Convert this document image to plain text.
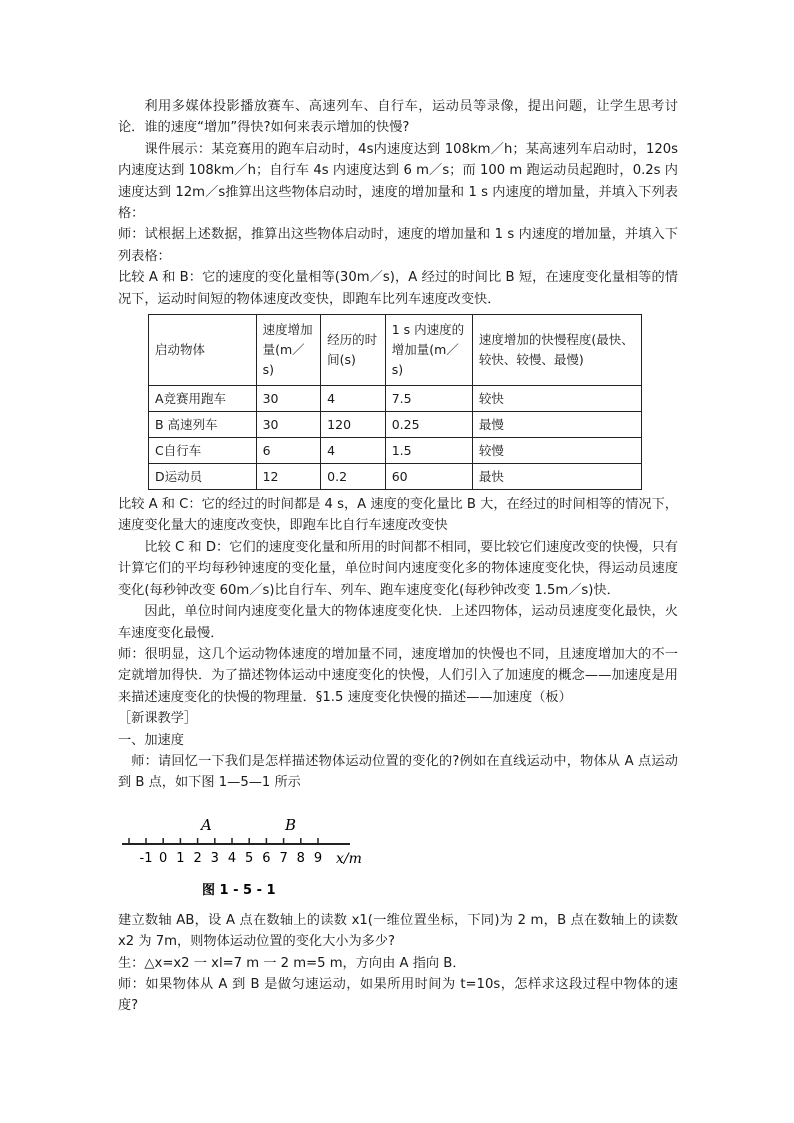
利用多媒体投影播放赛车、高速列车、自行车，运动员等录像，提出问题，让学生思考讨论．谁的速度“增加”得快?如何来表示增加的快慢?

课件展示：某竞赛用的跑车启动时，4s内速度达到 108km／h；某高速列车启动时，120s内速度达到 108km／h；自行车 4s 内速度达到 6 m／s；而 100 m 跑运动员起跑时，0.2s 内速度达到 12m／s推算出这些物体启动时，速度的增加量和 1 s 内速度的增加量，并填入下列表格：

师：试根据上述数据，推算出这些物体启动时，速度的增加量和 1 s 内速度的增加量，并填入下列表格：

比较 A 和 B：它的速度的变化量相等(30m／s)，A 经过的时间比 B 短，在速度变化量相等的情况下，运动时间短的物体速度改变快，即跑车比列车速度改变快．

启动物体	速度增加量(m／s)	经历的时间(s)	1 s 内速度的增加量(m／s)	速度增加的快慢程度(最快、较快、较慢、最慢)
A竞赛用跑车	30	4	7.5	较快
B 高速列车	30	120	0.25	最慢
C自行车	6	4	1.5	较慢
D运动员	12	0.2	60	最快

比较 A 和 C：它的经过的时间都是 4 s，A 速度的变化量比 B 大，在经过的时间相等的情况下，速度变化量大的速度改变快，即跑车比自行车速度改变快

比较 C 和 D：它们的速度变化量和所用的时间都不相同，要比较它们速度改变的快慢，只有计算它们的平均每秒钟速度的变化量，单位时间内速度变化多的物体速度变化快，得运动员速度变化(每秒钟改变 60m／s)比自行车、列车、跑车速度变化(每秒钟改变 1.5m／s)快．

因此，单位时间内速度变化量大的物体速度变化快．上述四物体，运动员速度变化最快，火车速度变化最慢．

师：很明显，这几个运动物体速度的增加量不同，速度增加的快慢也不同，且速度增加大的不一定就增加得快．为了描述物体运动中速度变化的快慢，人们引入了加速度的概念——加速度是用来描述速度变化的快慢的物理量．§1.5 速度变化快慢的描述——加速度（板）

［新课教学］

一、加速度

师：请回忆一下我们是怎样描述物体运动位置的变化的?例如在直线运动中，物体从 A 点运动到 B 点，如下图 1—5—1 所示

-1 0 1 2 3 4 5 6 7 8 9
A	B
x/m
图 1 - 5 - 1

建立数轴 AB，设 A 点在数轴上的读数 x1(一维位置坐标，下同)为 2 m，B 点在数轴上的读数 x2 为 7m，则物体运动位置的变化大小为多少?

生：△x=x2 一 xl=7 m 一 2 m=5 m，方向由 A 指向 B．

师：如果物体从 A 到 B 是做匀速运动，如果所用时间为 t=10s，怎样求这段过程中物体的速度?
